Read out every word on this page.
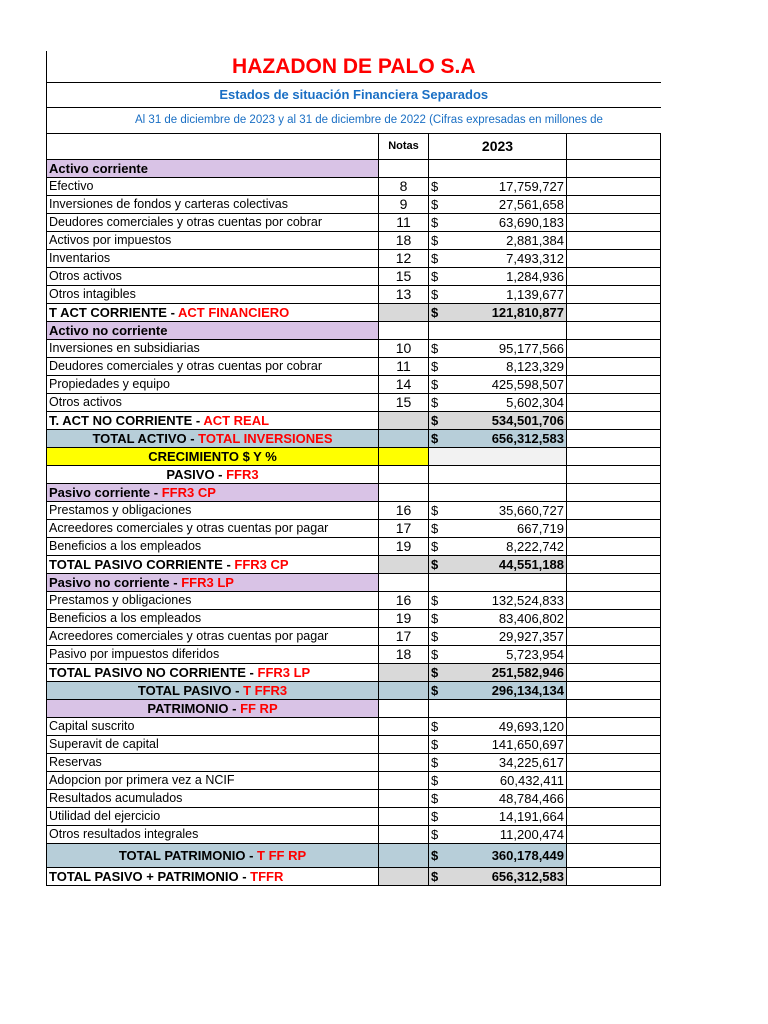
HAZADON DE PALO S.A				
Estados de situación Financiera Separados				
Al 31 de diciembre de 2023 y al 31 de diciembre de 2022 (Cifras expresadas en millones de				
	Notas	2023		
Activo corriente				
Efectivo	8	$	17,759,727	
Inversiones de fondos y carteras colectivas	9	$	27,561,658	
Deudores comerciales y otras cuentas por cobrar	11	$	63,690,183	
Activos por impuestos	18	$	2,881,384	
Inventarios	12	$	7,493,312	
Otros activos	15	$	1,284,936	
Otros intagibles	13	$	1,139,677	
T ACT CORRIENTE - ACT FINANCIERO		$	121,810,877	
Activo no corriente				
Inversiones en subsidiarias	10	$	95,177,566	
Deudores comerciales y otras cuentas por cobrar	11	$	8,123,329	
Propiedades y equipo	14	$	425,598,507	
Otros activos	15	$	5,602,304	
T. ACT NO CORRIENTE - ACT REAL		$	534,501,706	
TOTAL ACTIVO - TOTAL INVERSIONES		$	656,312,583	
CRECIMIENTO $ Y %				
PASIVO - FFR3				
Pasivo corriente - FFR3 CP				
Prestamos y obligaciones	16	$	35,660,727	
Acreedores comerciales y otras cuentas por pagar	17	$	667,719	
Beneficios a los empleados	19	$	8,222,742	
TOTAL PASIVO CORRIENTE - FFR3 CP		$	44,551,188	
Pasivo no corriente - FFR3 LP				
Prestamos y obligaciones	16	$	132,524,833	
Beneficios a los empleados	19	$	83,406,802	
Acreedores comerciales y otras cuentas por pagar	17	$	29,927,357	
Pasivo por impuestos diferidos	18	$	5,723,954	
TOTAL PASIVO NO CORRIENTE - FFR3 LP		$	251,582,946	
TOTAL PASIVO - T FFR3		$	296,134,134	
PATRIMONIO - FF RP				
Capital suscrito		$	49,693,120	
Superavit de capital		$	141,650,697	
Reservas		$	34,225,617	
Adopcion por primera vez a NCIF		$	60,432,411	
Resultados acumulados		$	48,784,466	
Utilidad del ejercicio		$	14,191,664	
Otros resultados integrales		$	11,200,474	
TOTAL PATRIMONIO - T FF RP		$	360,178,449	
TOTAL PASIVO + PATRIMONIO - TFFR		$	656,312,583	
